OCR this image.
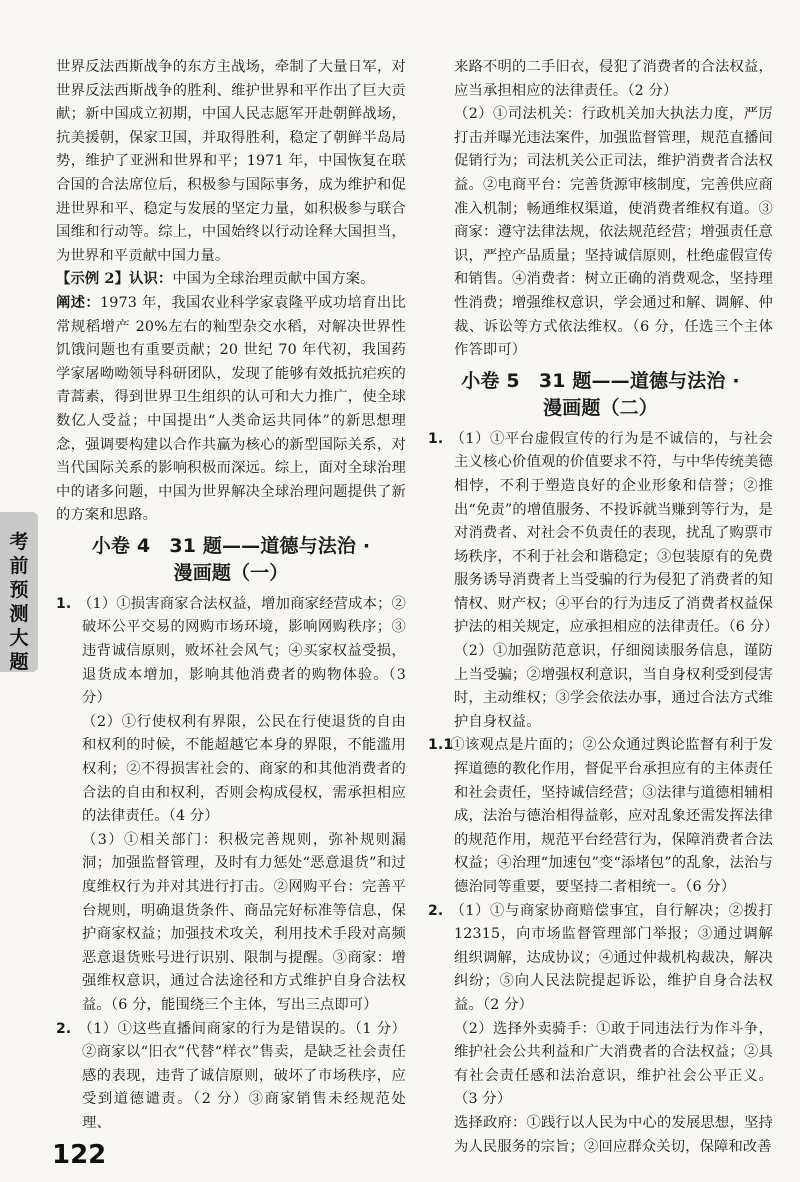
考前预测大题

世界反法西斯战争的东方主战场，牵制了大量日军，对世界反法西斯战争的胜利、维护世界和平作出了巨大贡献；新中国成立初期，中国人民志愿军开赴朝鲜战场，抗美援朝，保家卫国，并取得胜利，稳定了朝鲜半岛局势，维护了亚洲和世界和平；1971 年，中国恢复在联合国的合法席位后，积极参与国际事务，成为维护和促进世界和平、稳定与发展的坚定力量，如积极参与联合国维和行动等。综上，中国始终以行动诠释大国担当，为世界和平贡献中国力量。

【示例 2】认识：中国为全球治理贡献中国方案。

阐述：1973 年，我国农业科学家袁隆平成功培育出比常规稻增产 20%左右的籼型杂交水稻，对解决世界性饥饿问题也有重要贡献；20 世纪 70 年代初，我国药学家屠呦呦领导科研团队，发现了能够有效抵抗疟疾的青蒿素，得到世界卫生组织的认可和大力推广，使全球数亿人受益；中国提出“人类命运共同体”的新思想理念，强调要构建以合作共赢为核心的新型国际关系，对当代国际关系的影响积极而深远。综上，面对全球治理中的诸多问题，中国为世界解决全球治理问题提供了新的方案和思路。

小卷 4　31 题——道德与法治 ·
漫画题（一）

1. （1）①损害商家合法权益，增加商家经营成本；②破坏公平交易的网购市场环境，影响网购秩序；③违背诚信原则，败坏社会风气；④买家权益受损，退货成本增加，影响其他消费者的购物体验。（3 分）

（2）①行使权利有界限，公民在行使退货的自由和权利的时候，不能超越它本身的界限，不能滥用权利；②不得损害社会的、商家的和其他消费者的合法的自由和权利，否则会构成侵权，需承担相应的法律责任。（4 分）

（3）①相关部门：积极完善规则，弥补规则漏洞；加强监督管理，及时有力惩处“恶意退货”和过度维权行为并对其进行打击。②网购平台：完善平台规则，明确退货条件、商品完好标准等信息，保护商家权益；加强技术攻关，利用技术手段对高频恶意退货账号进行识别、限制与提醒。③商家：增强维权意识，通过合法途径和方式维护自身合法权益。（6 分，能围绕三个主体，写出三点即可）

2. （1）①这些直播间商家的行为是错误的。（1 分）②商家以“旧衣”代替“样衣”售卖，是缺乏社会责任感的表现，违背了诚信原则，破坏了市场秩序，应受到道德谴责。（2 分）③商家销售未经规范处理、

来路不明的二手旧衣，侵犯了消费者的合法权益，应当承担相应的法律责任。（2 分）

（2）①司法机关：行政机关加大执法力度，严厉打击并曝光违法案件，加强监督管理，规范直播间促销行为；司法机关公正司法，维护消费者合法权益。②电商平台：完善货源审核制度，完善供应商准入机制；畅通维权渠道，使消费者维权有道。③商家：遵守法律法规，依法规范经营；增强责任意识，严控产品质量；坚持诚信原则，杜绝虚假宣传和销售。④消费者：树立正确的消费观念，坚持理性消费；增强维权意识，学会通过和解、调解、仲裁、诉讼等方式依法维权。（6 分，任选三个主体作答即可）

小卷 5　31 题——道德与法治 ·
漫画题（二）

1. （1）①平台虚假宣传的行为是不诚信的，与社会主义核心价值观的价值要求不符，与中华传统美德相悖，不利于塑造良好的企业形象和信誉；②推出“免责”的增值服务、不投诉就当赚到等行为，是对消费者、对社会不负责任的表现，扰乱了购票市场秩序，不利于社会和谐稳定；③包装原有的免费服务诱导消费者上当受骗的行为侵犯了消费者的知情权、财产权；④平台的行为违反了消费者权益保护法的相关规定，应承担相应的法律责任。（6 分）

（2）①加强防范意识，仔细阅读服务信息，谨防上当受骗；②增强权利意识，当自身权利受到侵害时，主动维权；③学会依法办事，通过合法方式维护自身权益。

1.1①该观点是片面的；②公众通过舆论监督有利于发挥道德的教化作用，督促平台承担应有的主体责任和社会责任，坚持诚信经营；③法律与道德相辅相成，法治与德治相得益彰，应对乱象还需发挥法律的规范作用，规范平台经营行为，保障消费者合法权益；④治理“加速包”变“添堵包”的乱象，法治与德治同等重要，要坚持二者相统一。（6 分）

2. （1）①与商家协商赔偿事宜，自行解决；②拨打 12315，向市场监督管理部门举报；③通过调解组织调解，达成协议；④通过仲裁机构裁决，解决纠纷；⑤向人民法院提起诉讼，维护自身合法权益。（2 分）

（2）选择外卖骑手：①敢于同违法行为作斗争，维护社会公共利益和广大消费者的合法权益；②具有社会责任感和法治意识，维护社会公平正义。（3 分）

选择政府：①践行以人民为中心的发展思想，坚持为人民服务的宗旨；②回应群众关切，保障和改善

122
